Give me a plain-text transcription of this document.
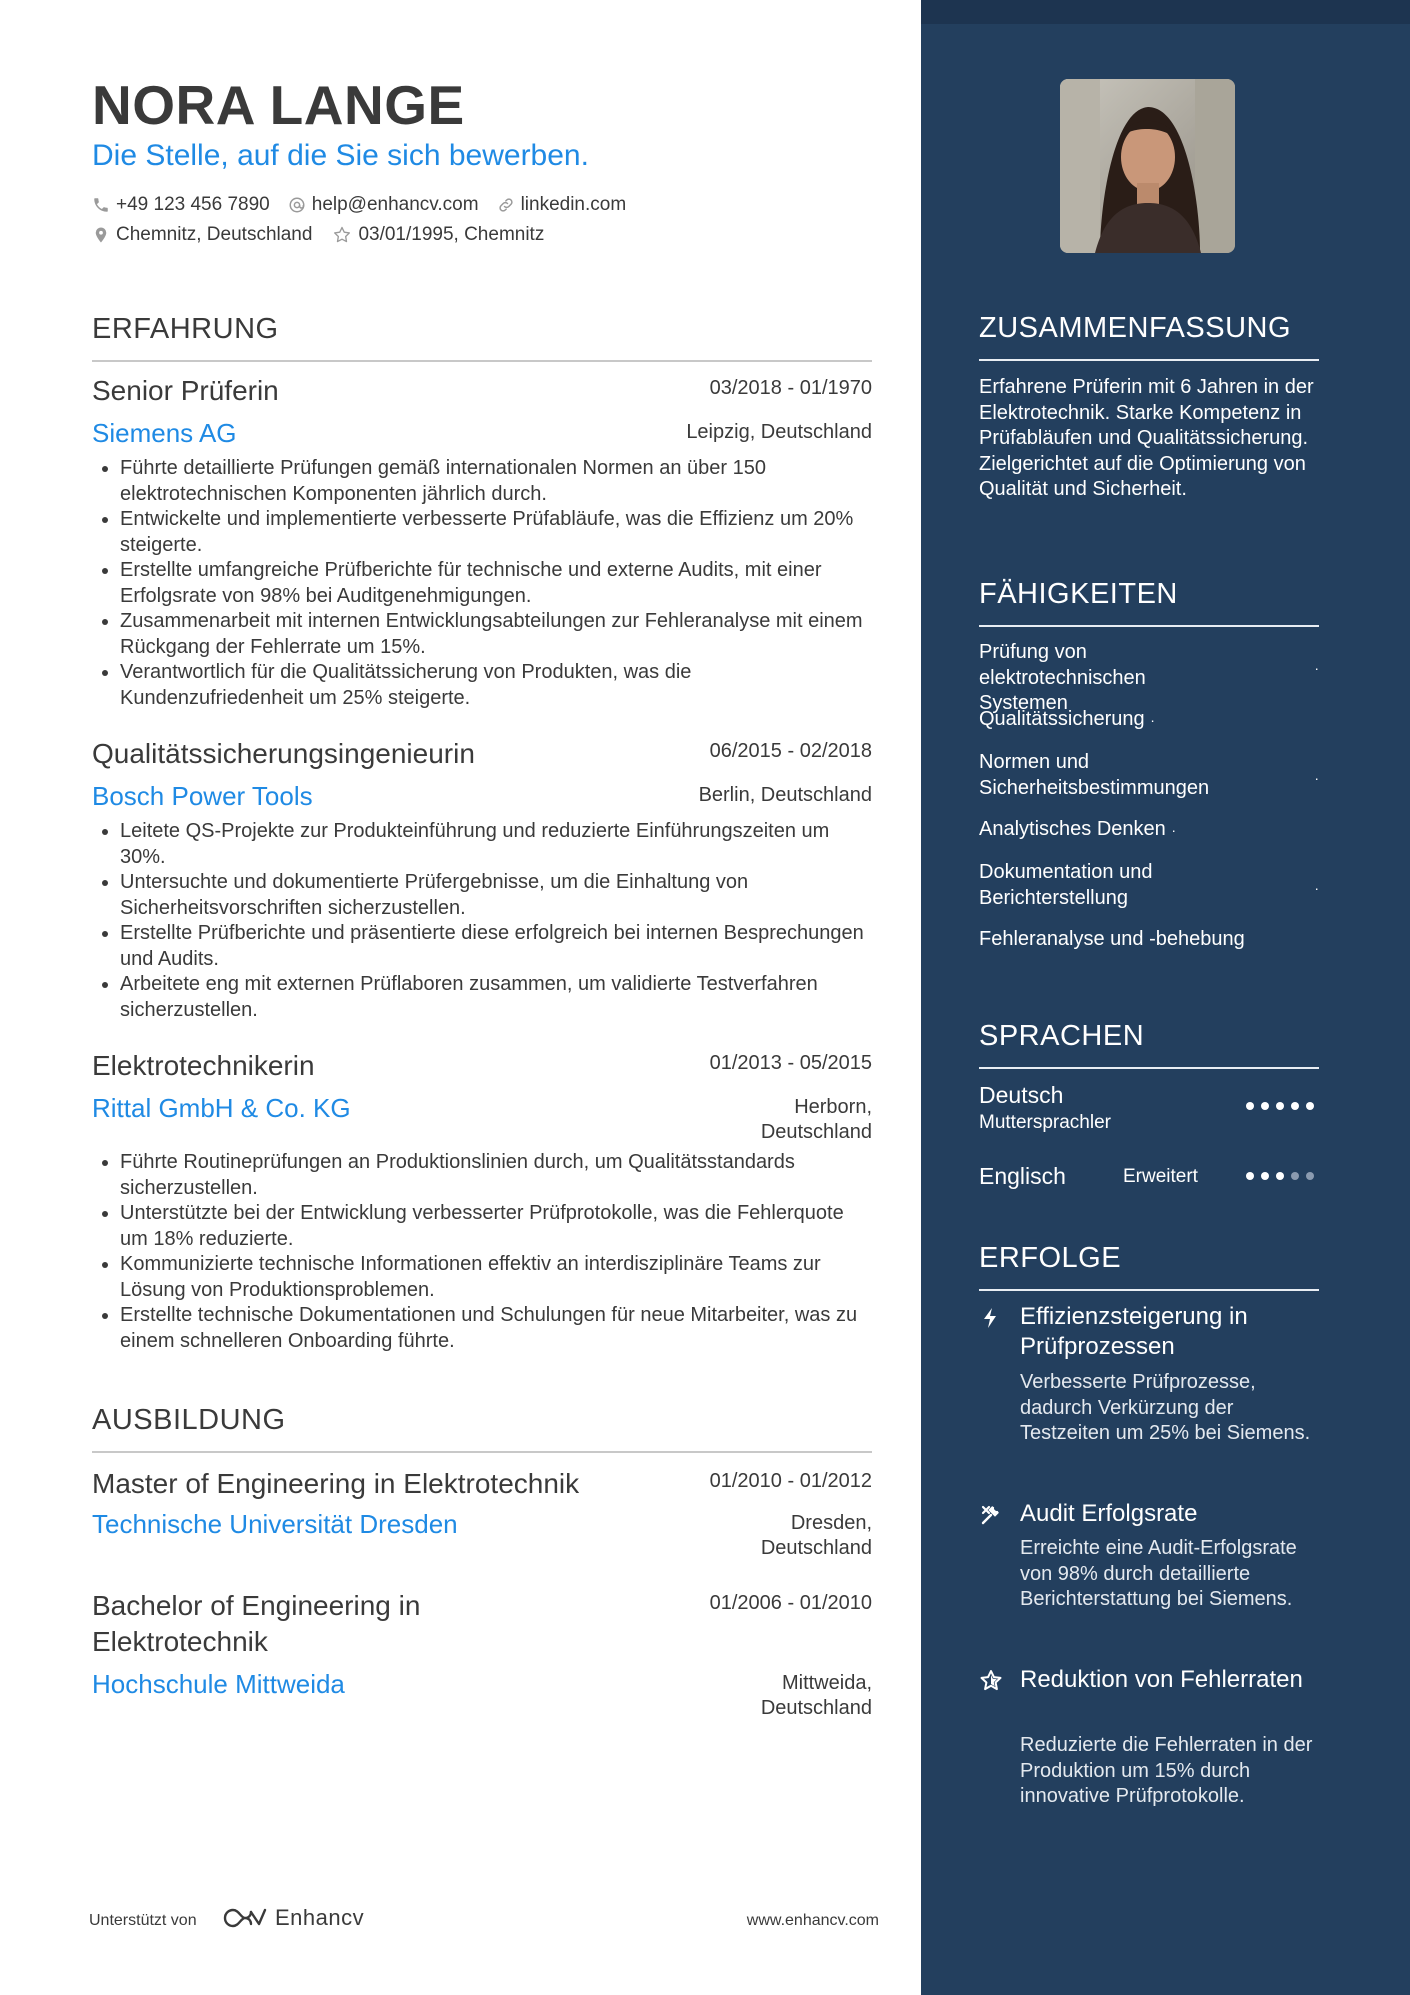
NORA LANGE
Die Stelle, auf die Sie sich bewerben.
+49 123 456 7890 help@enhancv.com linkedin.com
Chemnitz, Deutschland 03/01/1995, Chemnitz
ERFAHRUNG
Senior Prüferin	03/2018 - 01/1970
Siemens AG	Leipzig, Deutschland
• Führte detaillierte Prüfungen gemäß internationalen Normen an über 150 elektrotechnischen Komponenten jährlich durch.
• Entwickelte und implementierte verbesserte Prüfabläufe, was die Effizienz um 20% steigerte.
• Erstellte umfangreiche Prüfberichte für technische und externe Audits, mit einer Erfolgsrate von 98% bei Auditgenehmigungen.
• Zusammenarbeit mit internen Entwicklungsabteilungen zur Fehleranalyse mit einem Rückgang der Fehlerrate um 15%.
• Verantwortlich für die Qualitätssicherung von Produkten, was die Kundenzufriedenheit um 25% steigerte.
Qualitätssicherungsingenieurin	06/2015 - 02/2018
Bosch Power Tools	Berlin, Deutschland
• Leitete QS-Projekte zur Produkteinführung und reduzierte Einführungszeiten um 30%.
• Untersuchte und dokumentierte Prüfergebnisse, um die Einhaltung von Sicherheitsvorschriften sicherzustellen.
• Erstellte Prüfberichte und präsentierte diese erfolgreich bei internen Besprechungen und Audits.
• Arbeitete eng mit externen Prüflaboren zusammen, um validierte Testverfahren sicherzustellen.
Elektrotechnikerin	01/2013 - 05/2015
Rittal GmbH & Co. KG	Herborn,
Deutschland
• Führte Routineprüfungen an Produktionslinien durch, um Qualitätsstandards sicherzustellen.
• Unterstützte bei der Entwicklung verbesserter Prüfprotokolle, was die Fehlerquote um 18% reduzierte.
• Kommunizierte technische Informationen effektiv an interdisziplinäre Teams zur Lösung von Produktionsproblemen.
• Erstellte technische Dokumentationen und Schulungen für neue Mitarbeiter, was zu einem schnelleren Onboarding führte.
AUSBILDUNG
Master of Engineering in Elektrotechnik	01/2010 - 01/2012
Technische Universität Dresden	Dresden,
Deutschland
Bachelor of Engineering in
Elektrotechnik
01/2006 - 01/2010
Hochschule Mittweida	Mittweida,
Deutschland
Unterstützt von	Enhancv	www.enhancv.com
ZUSAMMENFASSUNG
Erfahrene Prüferin mit 6 Jahren in der Elektrotechnik. Starke Kompetenz in Prüfabläufen und Qualitätssicherung. Zielgerichtet auf die Optimierung von Qualität und Sicherheit.
FÄHIGKEITEN
Prüfung von elektrotechnischen Systemen
·
Qualitätssicherung ·
Normen und Sicherheitsbestimmungen	·
Analytisches Denken ·
Dokumentation und Berichterstellung	·
Fehleranalyse und -behebung
SPRACHEN
Deutsch
Muttersprachler
Englisch	Erweitert
ERFOLGE
Effizienzsteigerung in Prüfprozessen
Verbesserte Prüfprozesse, dadurch Verkürzung der Testzeiten um 25% bei Siemens.
Audit Erfolgsrate
Erreichte eine Audit-Erfolgsrate von 98% durch detaillierte Berichterstattung bei Siemens.
Reduktion von Fehlerraten
Reduzierte die Fehlerraten in der Produktion um 15% durch innovative Prüfprotokolle.
